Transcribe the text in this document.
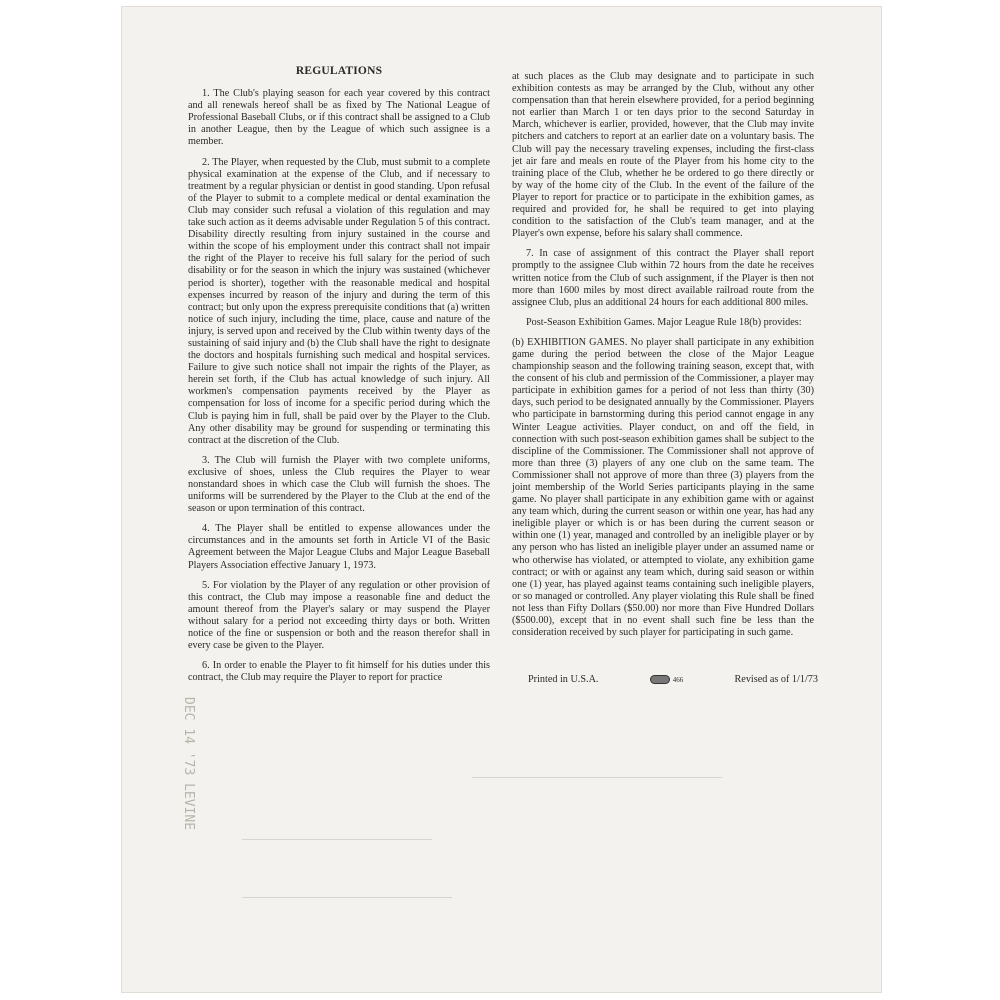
DEC 14 '73 LEVINE
REGULATIONS

1. The Club's playing season for each year covered by this contract and all renewals hereof shall be as fixed by The National League of Professional Baseball Clubs, or if this contract shall be assigned to a Club in another League, then by the League of which such assignee is a member.

2. The Player, when requested by the Club, must submit to a complete physical examination at the expense of the Club, and if necessary to treatment by a regular physician or dentist in good standing. Upon refusal of the Player to submit to a complete medical or dental examination the Club may consider such refusal a violation of this regulation and may take such action as it deems advisable under Regulation 5 of this contract. Disability directly resulting from injury sustained in the course and within the scope of his employment under this contract shall not impair the right of the Player to receive his full salary for the period of such disability or for the season in which the injury was sustained (whichever period is shorter), together with the reasonable medical and hospital expenses incurred by reason of the injury and during the term of this contract; but only upon the express prerequisite conditions that (a) written notice of such injury, including the time, place, cause and nature of the injury, is served upon and received by the Club within twenty days of the sustaining of said injury and (b) the Club shall have the right to designate the doctors and hospitals furnishing such medical and hospital services. Failure to give such notice shall not impair the rights of the Player, as herein set forth, if the Club has actual knowledge of such injury. All workmen's compensation payments received by the Player as compensation for loss of income for a specific period during which the Club is paying him in full, shall be paid over by the Player to the Club. Any other disability may be ground for suspending or terminating this contract at the discretion of the Club.

3. The Club will furnish the Player with two complete uniforms, exclusive of shoes, unless the Club requires the Player to wear nonstandard shoes in which case the Club will furnish the shoes. The uniforms will be surrendered by the Player to the Club at the end of the season or upon termination of this contract.

4. The Player shall be entitled to expense allowances under the circumstances and in the amounts set forth in Article VI of the Basic Agreement between the Major League Clubs and Major League Baseball Players Association effective January 1, 1973.

5. For violation by the Player of any regulation or other provision of this contract, the Club may impose a reasonable fine and deduct the amount thereof from the Player's salary or may suspend the Player without salary for a period not exceeding thirty days or both. Written notice of the fine or suspension or both and the reason therefor shall in every case be given to the Player.

6. In order to enable the Player to fit himself for his duties under this contract, the Club may require the Player to report for practice

at such places as the Club may designate and to participate in such exhibition contests as may be arranged by the Club, without any other compensation than that herein elsewhere provided, for a period beginning not earlier than March 1 or ten days prior to the second Saturday in March, whichever is earlier, provided, however, that the Club may invite pitchers and catchers to report at an earlier date on a voluntary basis. The Club will pay the necessary traveling expenses, including the first-class jet air fare and meals en route of the Player from his home city to the training place of the Club, whether he be ordered to go there directly or by way of the home city of the Club. In the event of the failure of the Player to report for practice or to participate in the exhibition games, as required and provided for, he shall be required to get into playing condition to the satisfaction of the Club's team manager, and at the Player's own expense, before his salary shall commence.

7. In case of assignment of this contract the Player shall report promptly to the assignee Club within 72 hours from the date he receives written notice from the Club of such assignment, if the Player is then not more than 1600 miles by most direct available railroad route from the assignee Club, plus an additional 24 hours for each additional 800 miles.

Post-Season Exhibition Games. Major League Rule 18(b) provides:

(b) EXHIBITION GAMES. No player shall participate in any exhibition game during the period between the close of the Major League championship season and the following training season, except that, with the consent of his club and permission of the Commissioner, a player may participate in exhibition games for a period of not less than thirty (30) days, such period to be designated annually by the Commissioner. Players who participate in barnstorming during this period cannot engage in any Winter League activities. Player conduct, on and off the field, in connection with such post-season exhibition games shall be subject to the discipline of the Commissioner. The Commissioner shall not approve of more than three (3) players of any one club on the same team. The Commissioner shall not approve of more than three (3) players from the joint membership of the World Series participants playing in the same game. No player shall participate in any exhibition game with or against any team which, during the current season or within one year, has had any ineligible player or which is or has been during the current season or within one (1) year, managed and controlled by an ineligible player or by any person who has listed an ineligible player under an assumed name or who otherwise has violated, or attempted to violate, any exhibition game contract; or with or against any team which, during said season or within one (1) year, has played against teams containing such ineligible players, or so managed or controlled. Any player violating this Rule shall be fined not less than Fifty Dollars ($50.00) nor more than Five Hundred Dollars ($500.00), except that in no event shall such fine be less than the consideration received by such player for participating in such game.

Printed in U.S.A.	466	Revised as of 1/1/73
